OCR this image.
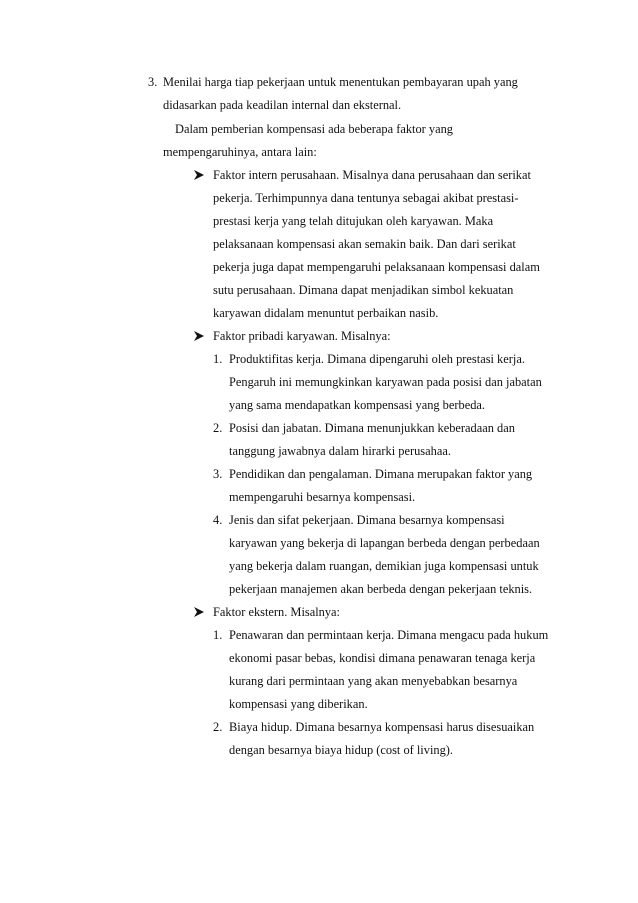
3. Menilai harga tiap pekerjaan untuk menentukan pembayaran upah yang
didasarkan pada keadilan internal dan eksternal.
Dalam pemberian kompensasi ada beberapa faktor yang
mempengaruhinya, antara lain:
Faktor intern perusahaan. Misalnya dana perusahaan dan serikat
pekerja. Terhimpunnya dana tentunya sebagai akibat prestasi-
prestasi kerja yang telah ditujukan oleh karyawan. Maka
pelaksanaan kompensasi akan semakin baik. Dan dari serikat
pekerja juga dapat mempengaruhi pelaksanaan kompensasi dalam
sutu perusahaan. Dimana dapat menjadikan simbol kekuatan
karyawan didalam menuntut perbaikan nasib.
Faktor pribadi karyawan. Misalnya:
1. Produktifitas kerja. Dimana dipengaruhi oleh prestasi kerja.
Pengaruh ini memungkinkan karyawan pada posisi dan jabatan
yang sama mendapatkan kompensasi yang berbeda.
2. Posisi dan jabatan. Dimana menunjukkan keberadaan dan
tanggung jawabnya dalam hirarki perusahaa.
3. Pendidikan dan pengalaman. Dimana merupakan faktor yang
mempengaruhi besarnya kompensasi.
4. Jenis dan sifat pekerjaan. Dimana besarnya kompensasi
karyawan yang bekerja di lapangan berbeda dengan perbedaan
yang bekerja dalam ruangan, demikian juga kompensasi untuk
pekerjaan manajemen akan berbeda dengan pekerjaan teknis.
Faktor ekstern. Misalnya:
1. Penawaran dan permintaan kerja. Dimana mengacu pada hukum
ekonomi pasar bebas, kondisi dimana penawaran tenaga kerja
kurang dari permintaan yang akan menyebabkan besarnya
kompensasi yang diberikan.
2. Biaya hidup. Dimana besarnya kompensasi harus disesuaikan
dengan besarnya biaya hidup (cost of living).
